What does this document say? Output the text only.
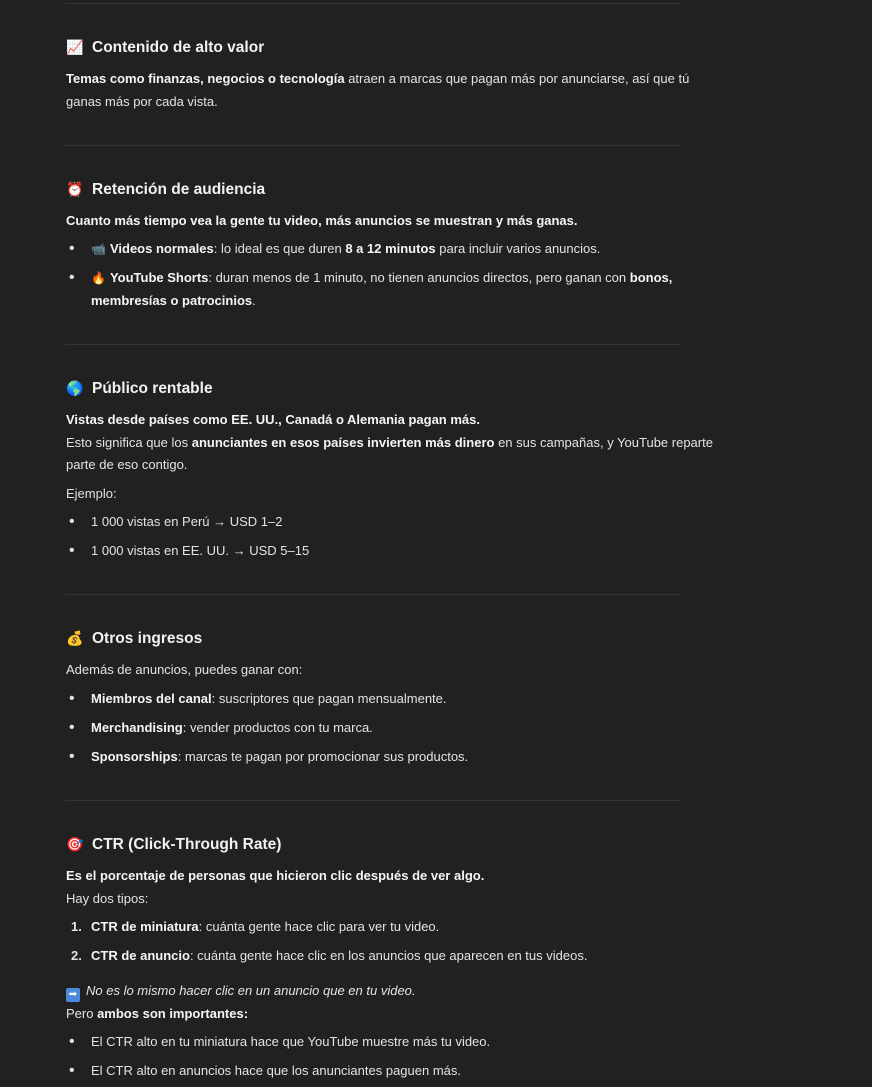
📈 Contenido de alto valor
Temas como finanzas, negocios o tecnología atraen a marcas que pagan más por anunciarse, así que tú
ganas más por cada vista.
⏰ Retención de audiencia
Cuanto más tiempo vea la gente tu video, más anuncios se muestran y más ganas.
• 📹 Videos normales: lo ideal es que duren 8 a 12 minutos para incluir varios anuncios.
• 🔥 YouTube Shorts: duran menos de 1 minuto, no tienen anuncios directos, pero ganan con bonos,
membresías o patrocinios.
🌎 Público rentable
Vistas desde países como EE. UU., Canadá o Alemania pagan más.
Esto significa que los anunciantes en esos países invierten más dinero en sus campañas, y YouTube reparte
parte de eso contigo.
Ejemplo:
• 1 000 vistas en Perú → USD 1–2
• 1 000 vistas en EE. UU. → USD 5–15
💰 Otros ingresos
Además de anuncios, puedes ganar con:
• Miembros del canal: suscriptores que pagan mensualmente.
• Merchandising: vender productos con tu marca.
• Sponsorships: marcas te pagan por promocionar sus productos.
🎯 CTR (Click-Through Rate)
Es el porcentaje de personas que hicieron clic después de ver algo.
Hay dos tipos:
1. CTR de miniatura: cuánta gente hace clic para ver tu video.
2. CTR de anuncio: cuánta gente hace clic en los anuncios que aparecen en tus videos.
➡ No es lo mismo hacer clic en un anuncio que en tu video.
Pero ambos son importantes:
• El CTR alto en tu miniatura hace que YouTube muestre más tu video.
• El CTR alto en anuncios hace que los anunciantes paguen más.
